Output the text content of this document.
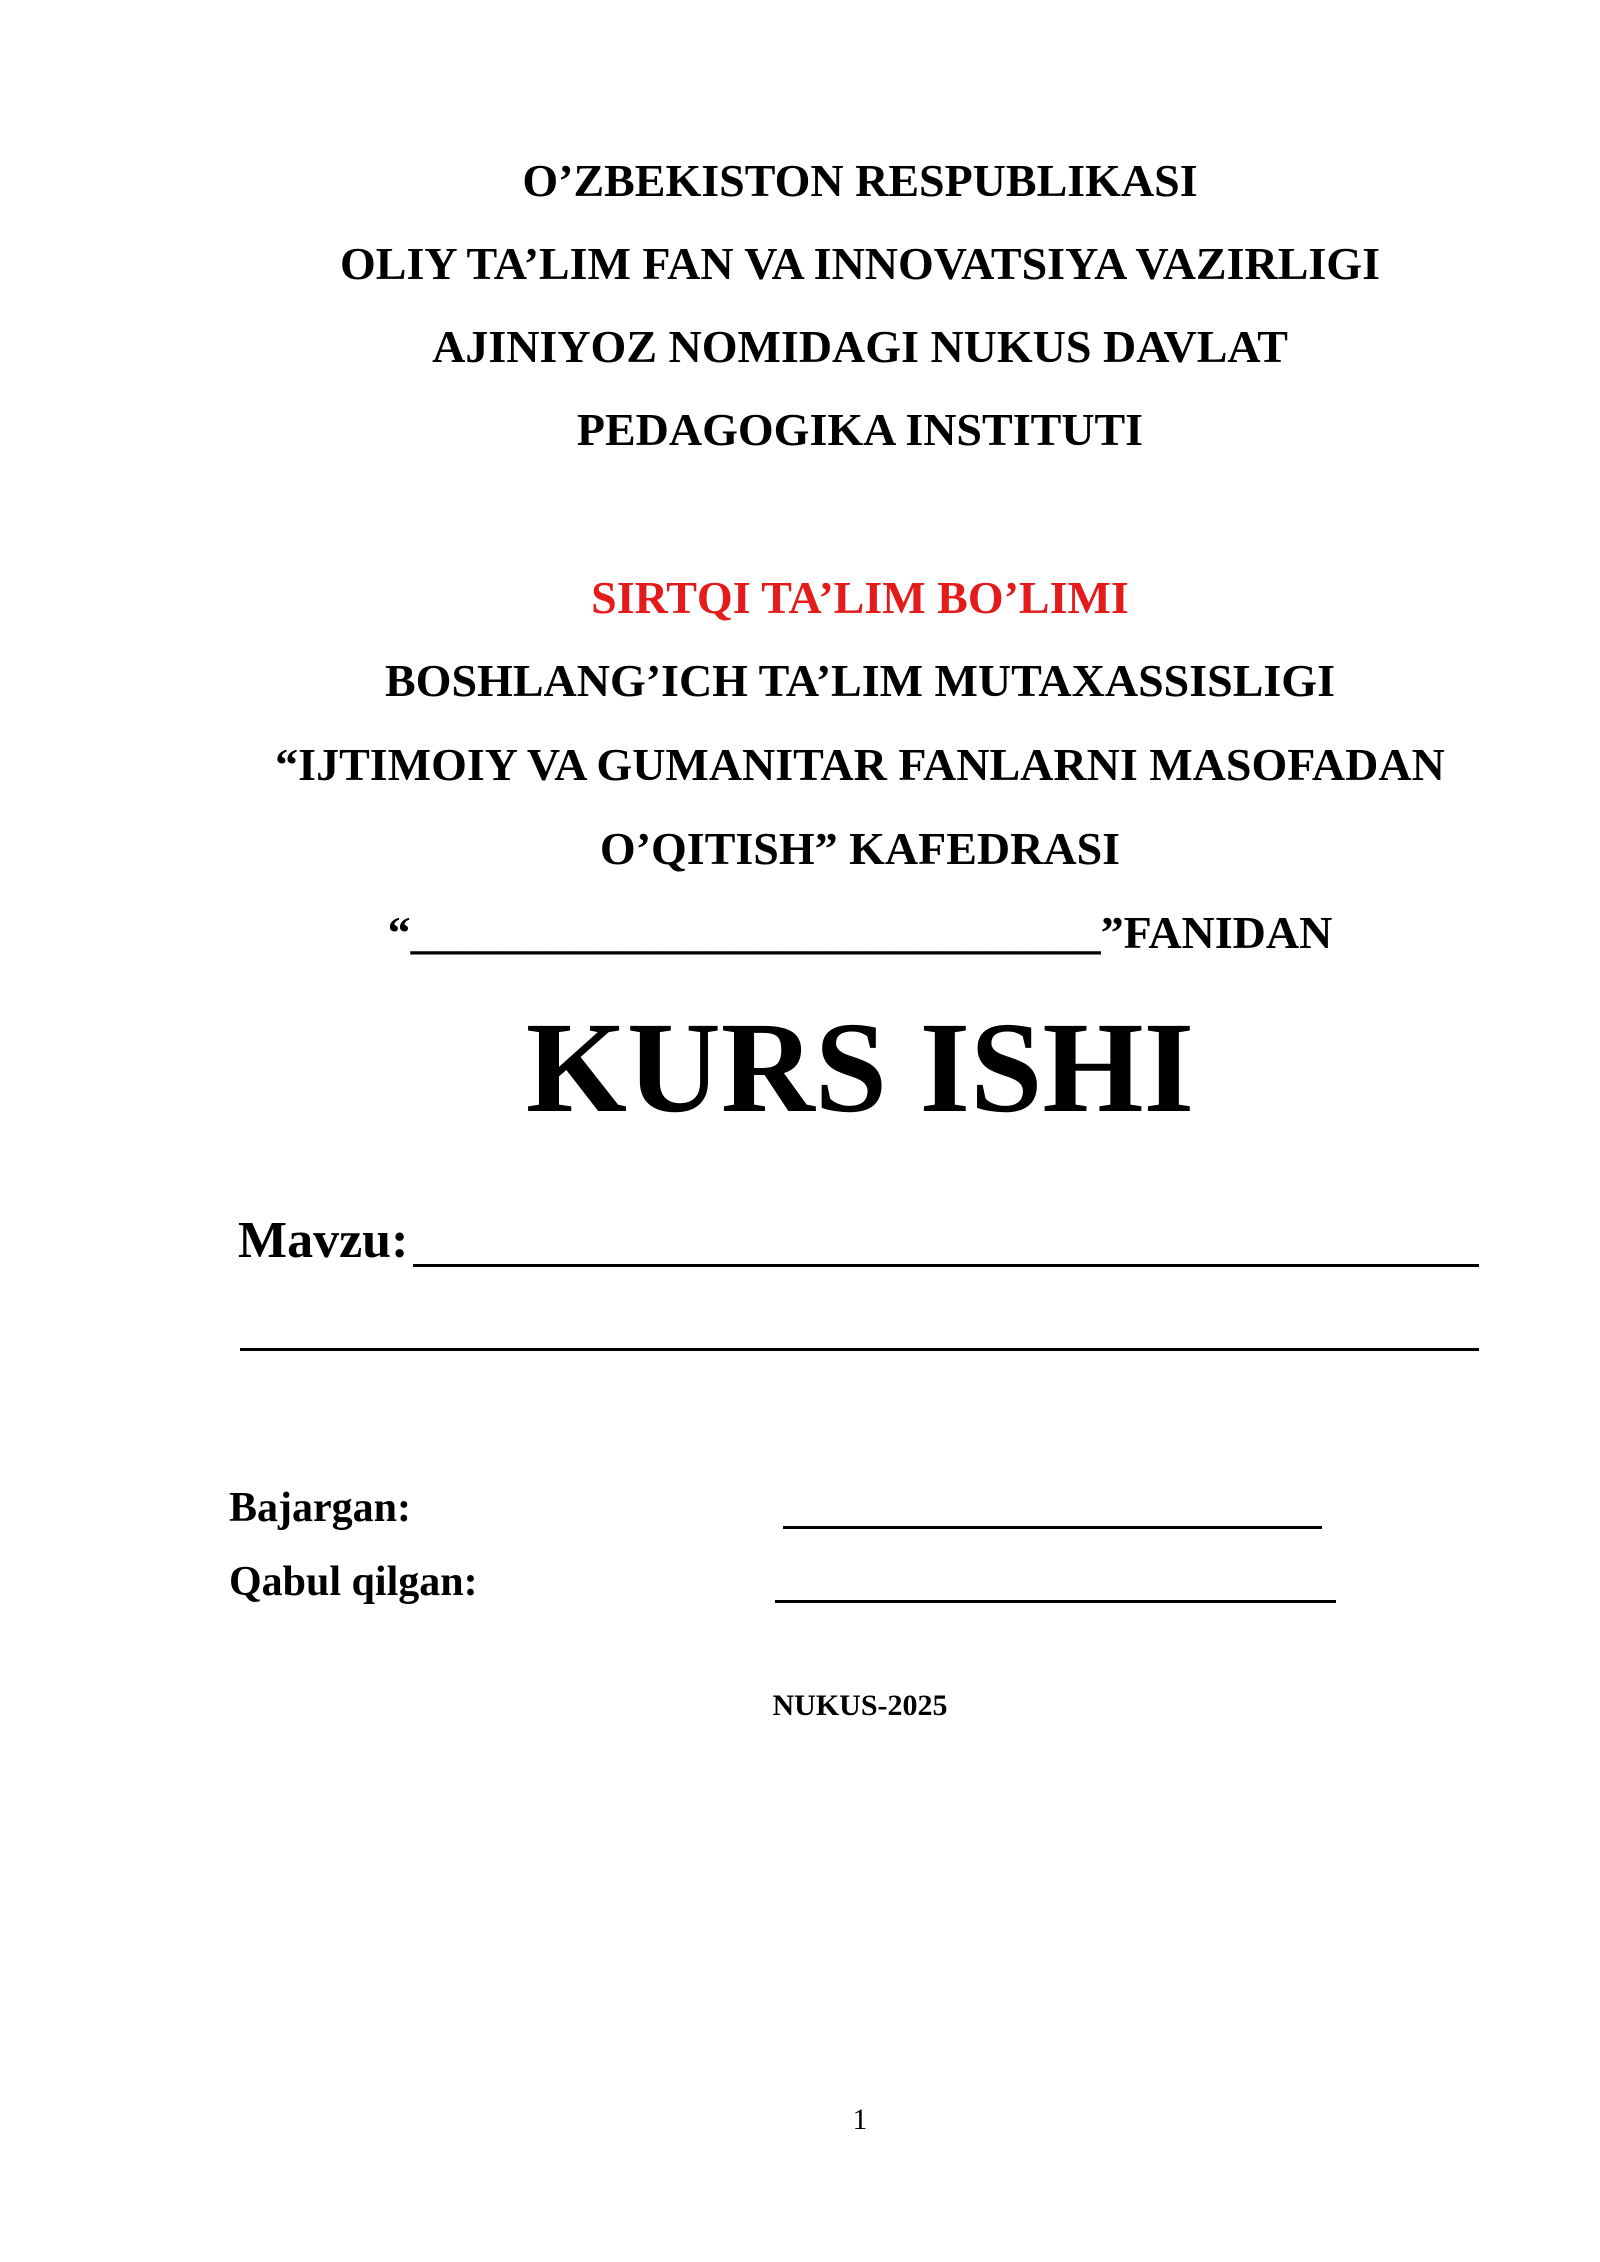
O’ZBEKISTON RESPUBLIKASI
OLIY TA’LIM FAN VA INNOVATSIYA VAZIRLIGI
AJINIYOZ NOMIDAGI NUKUS DAVLAT
PEDAGOGIKA INSTITUTI
SIRTQI TA’LIM BO’LIMI
BOSHLANG’ICH TA’LIM MUTAXASSISLIGI
“IJTIMOIY VA GUMANITAR FANLARNI MASOFADAN
O’QITISH” KAFEDRASI
“______________________________”FANIDAN
KURS ISHI
Mavzu:
Bajargan:
Qabul qilgan:
NUKUS-2025
1
